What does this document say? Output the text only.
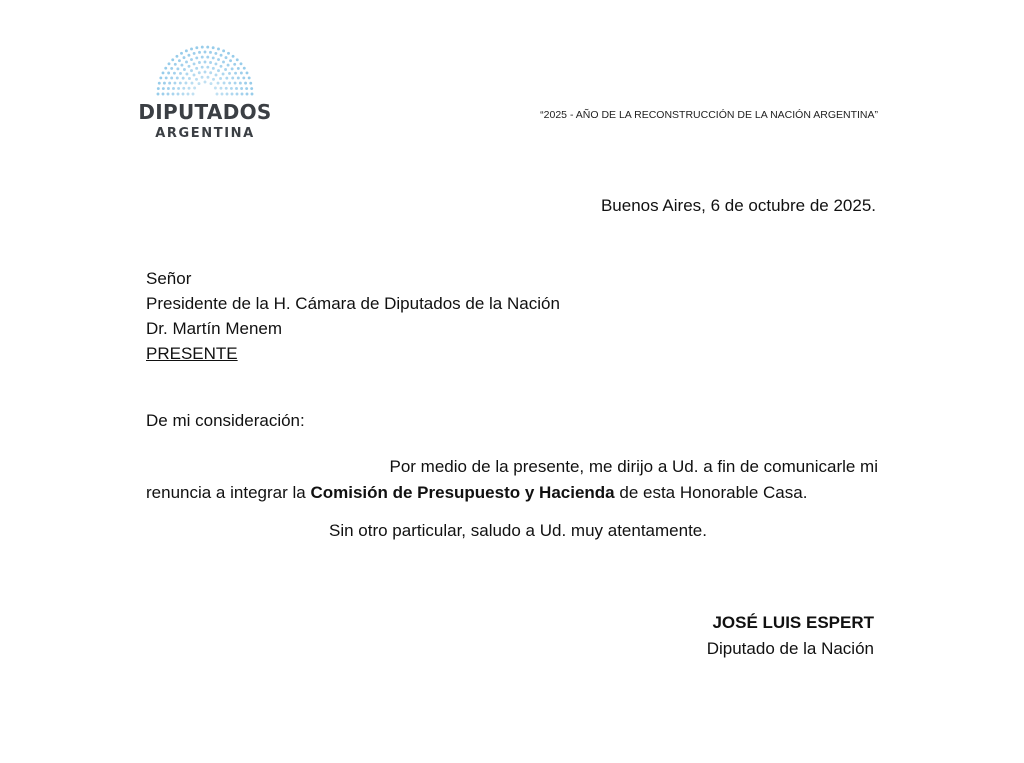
DIPUTADOS
ARGENTINA
“2025 - AÑO DE LA RECONSTRUCCIÓN DE LA NACIÓN ARGENTINA”
Buenos Aires, 6 de octubre de 2025.
Señor
Presidente de la H. Cámara de Diputados de la Nación
Dr. Martín Menem
PRESENTE
De mi consideración:
Por medio de la presente, me dirijo a Ud. a fin de comunicarle mi
renuncia a integrar la Comisión de Presupuesto y Hacienda de esta Honorable Casa.
Sin otro particular, saludo a Ud. muy atentamente.
JOSÉ LUIS ESPERT
Diputado de la Nación
